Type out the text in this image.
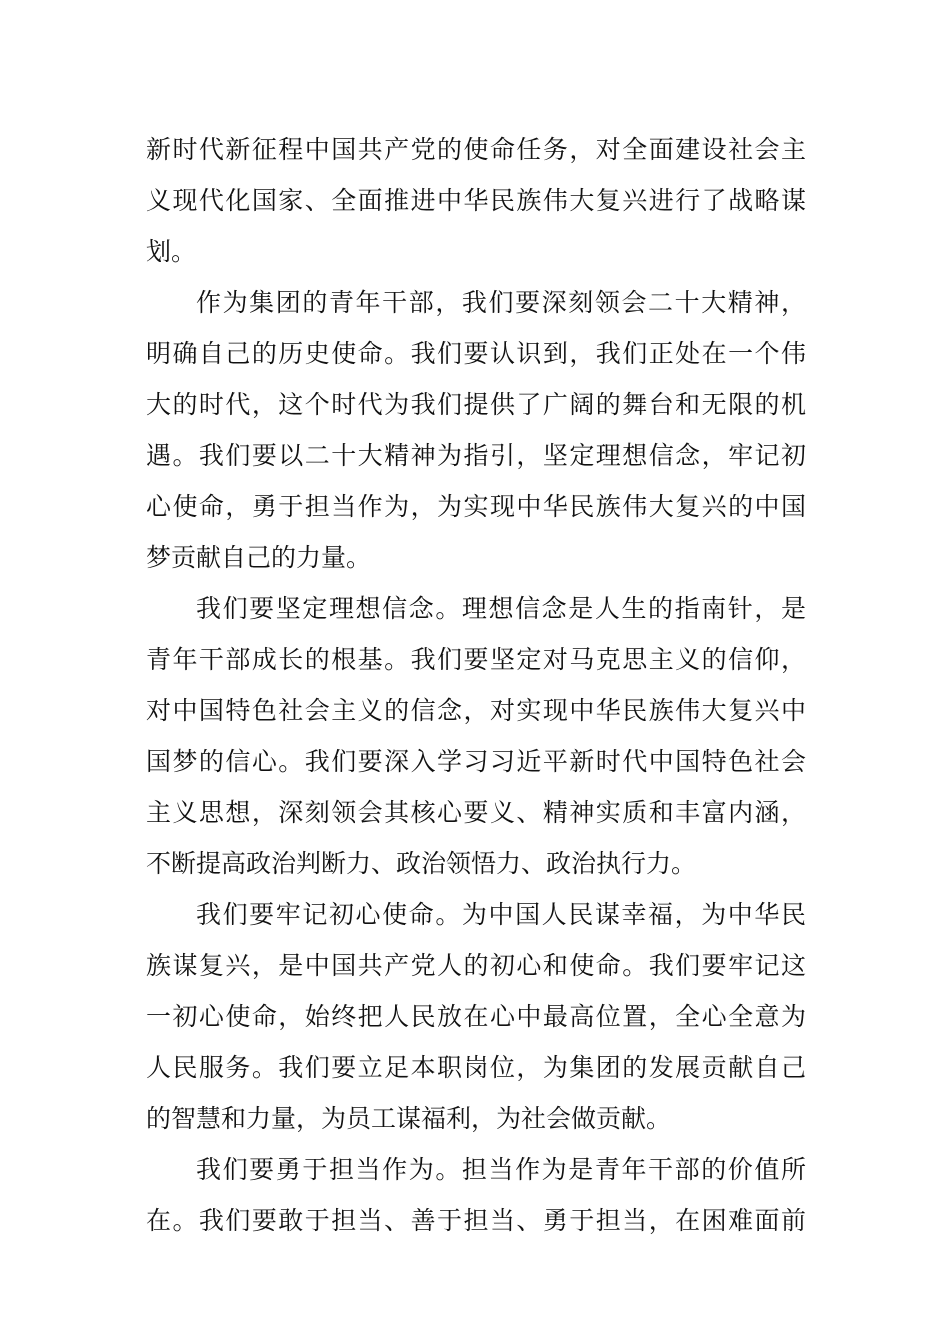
新时代新征程中国共产党的使命任务，对全面建设社会主
义现代化国家、全面推进中华民族伟大复兴进行了战略谋
划。
作为集团的青年干部，我们要深刻领会二十大精神，
明确自己的历史使命。我们要认识到，我们正处在一个伟
大的时代，这个时代为我们提供了广阔的舞台和无限的机
遇。我们要以二十大精神为指引，坚定理想信念，牢记初
心使命，勇于担当作为，为实现中华民族伟大复兴的中国
梦贡献自己的力量。
我们要坚定理想信念。理想信念是人生的指南针，是
青年干部成长的根基。我们要坚定对马克思主义的信仰，
对中国特色社会主义的信念，对实现中华民族伟大复兴中
国梦的信心。我们要深入学习习近平新时代中国特色社会
主义思想，深刻领会其核心要义、精神实质和丰富内涵，
不断提高政治判断力、政治领悟力、政治执行力。
我们要牢记初心使命。为中国人民谋幸福，为中华民
族谋复兴，是中国共产党人的初心和使命。我们要牢记这
一初心使命，始终把人民放在心中最高位置，全心全意为
人民服务。我们要立足本职岗位，为集团的发展贡献自己
的智慧和力量，为员工谋福利，为社会做贡献。
我们要勇于担当作为。担当作为是青年干部的价值所
在。我们要敢于担当、善于担当、勇于担当，在困难面前
